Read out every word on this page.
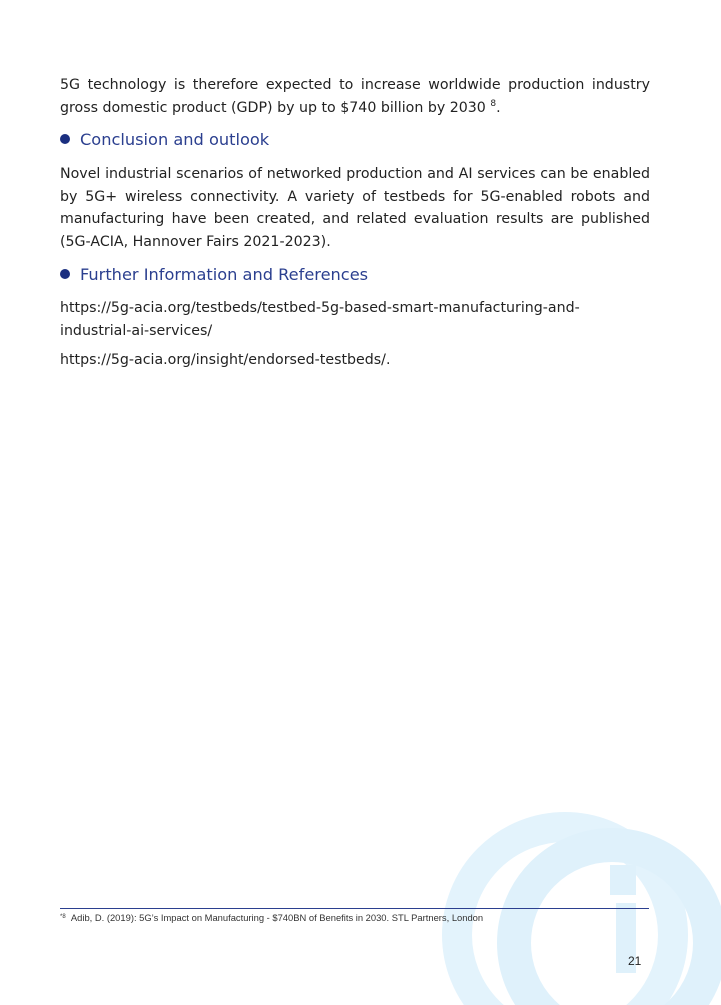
5G technology is therefore expected to increase worldwide production industry gross domestic product (GDP) by up to $740 billion by 2030 $^8$.

Conclusion and outlook

Novel industrial scenarios of networked production and AI services can be enabled by 5G+ wireless connectivity. A variety of testbeds for 5G-enabled robots and manufacturing have been created, and related evaluation results are published (5G-ACIA, Hannover Fairs 2021-2023).

Further Information and References

https://5g-acia.org/testbeds/testbed-5g-based-smart-manufacturing-and-industrial-ai-services/

https://5g-acia.org/insight/endorsed-testbeds/.

$^{*8}$ Adib, D. (2019): 5G’s Impact on Manufacturing - $740BN of Benefits in 2030. STL Partners, London

21
